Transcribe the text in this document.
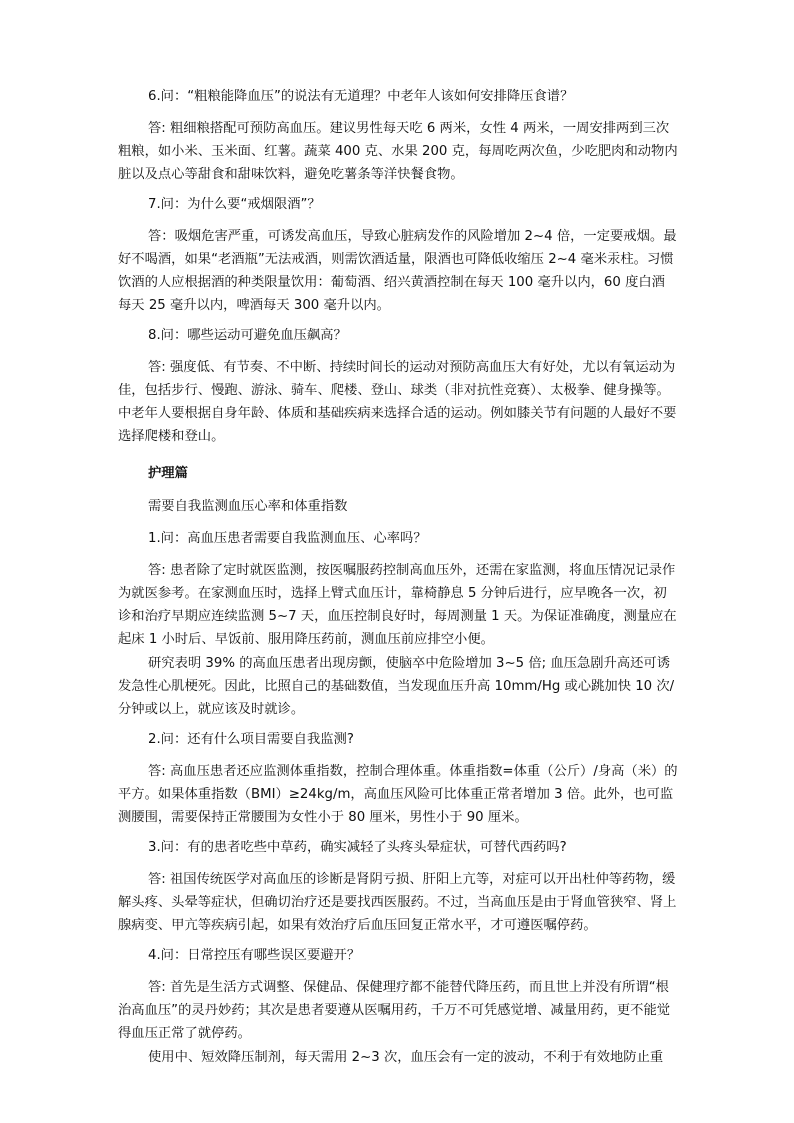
6.问：“粗粮能降血压”的说法有无道理？中老年人该如何安排降压食谱？

答: 粗细粮搭配可预防高血压。建议男性每天吃 6 两米，女性 4 两米，一周安排两到三次粗粮，如小米、玉米面、红薯。蔬菜 400 克、水果 200 克，每周吃两次鱼，少吃肥肉和动物内脏以及点心等甜食和甜味饮料，避免吃薯条等洋快餐食物。

7.问：为什么要“戒烟限酒”？

答：吸烟危害严重，可诱发高血压，导致心脏病发作的风险增加 2~4 倍，一定要戒烟。最好不喝酒，如果“老酒瓶”无法戒酒，则需饮酒适量，限酒也可降低收缩压 2~4 毫米汞柱。习惯饮酒的人应根据酒的种类限量饮用：葡萄酒、绍兴黄酒控制在每天 100 毫升以内，60 度白酒每天 25 毫升以内，啤酒每天 300 毫升以内。

8.问：哪些运动可避免血压飙高？

答: 强度低、有节奏、不中断、持续时间长的运动对预防高血压大有好处，尤以有氧运动为佳，包括步行、慢跑、游泳、骑车、爬楼、登山、球类（非对抗性竞赛）、太极拳、健身操等。中老年人要根据自身年龄、体质和基础疾病来选择合适的运动。例如膝关节有问题的人最好不要选择爬楼和登山。

护理篇

需要自我监测血压心率和体重指数

1.问：高血压患者需要自我监测血压、心率吗？

答: 患者除了定时就医监测，按医嘱服药控制高血压外，还需在家监测，将血压情况记录作为就医参考。在家测血压时，选择上臂式血压计，靠椅静息 5 分钟后进行，应早晚各一次，初诊和治疗早期应连续监测 5~7 天，血压控制良好时，每周测量 1 天。为保证准确度，测量应在起床 1 小时后、早饭前、服用降压药前，测血压前应排空小便。

研究表明 39% 的高血压患者出现房颤，使脑卒中危险增加 3~5 倍; 血压急剧升高还可诱发急性心肌梗死。因此，比照自己的基础数值，当发现血压升高 10mm/Hg 或心跳加快 10 次/分钟或以上，就应该及时就诊。

2.问：还有什么项目需要自我监测?

答: 高血压患者还应监测体重指数，控制合理体重。体重指数=体重（公斤）/身高（米）的平方。如果体重指数（BMI）≥24kg/m，高血压风险可比体重正常者增加 3 倍。此外，也可监测腰围，需要保持正常腰围为女性小于 80 厘米，男性小于 90 厘米。

3.问：有的患者吃些中草药，确实减轻了头疼头晕症状，可替代西药吗?

答: 祖国传统医学对高血压的诊断是肾阴亏损、肝阳上亢等，对症可以开出杜仲等药物，缓解头疼、头晕等症状，但确切治疗还是要找西医服药。不过，当高血压是由于肾血管狭窄、肾上腺病变、甲亢等疾病引起，如果有效治疗后血压回复正常水平，才可遵医嘱停药。

4.问：日常控压有哪些误区要避开？

答: 首先是生活方式调整、保健品、保健理疗都不能替代降压药，而且世上并没有所谓“根治高血压”的灵丹妙药；其次是患者要遵从医嘱用药，千万不可凭感觉增、减量用药，更不能觉得血压正常了就停药。

使用中、短效降压制剂，每天需用 2~3 次，血压会有一定的波动，不利于有效地防止重
